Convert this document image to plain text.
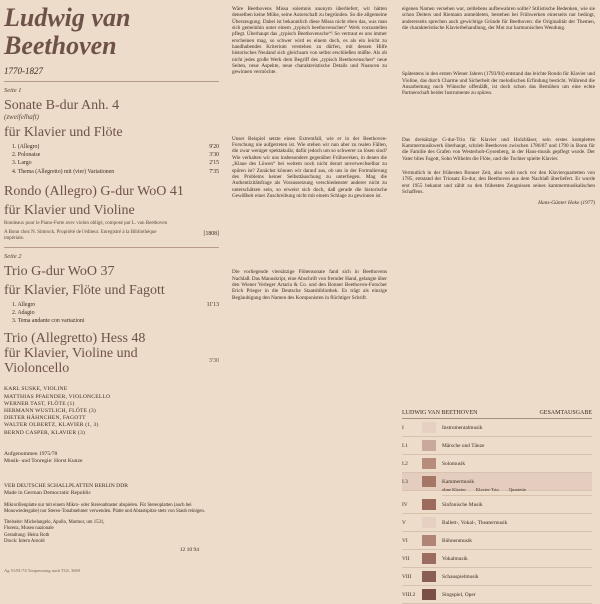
Ludwig van Beethoven
1770-1827
Seite 1
Sonate B-dur Anh. 4
(zweifelhaft)
für Klavier und Flöte
1. (Allegro)	9'20
2. Polonaise	3'30
3. Largo	2'15
4. Thema (Allegretto) mit (vier) Variationen	7'35
Rondo (Allegro) G-dur WoO 41
für Klavier und Violine
Rondeaux pour le Piano-Forte avec violon obligé, composé par L. van Beethoven
A Bonn chez N. Simrock. Propriété de l'éditeur. Enregistré à la Bibliothèque impériale.
[1808]
Seite 2
Trio G-dur WoO 37
für Klavier, Flöte und Fagott
1. Allegro	11'13
2. Adagio
3. Tema andante con variazioni
Trio (Allegretto) Hess 48
für Klavier, Violine und Violoncello
3'30
KARL SUSKE, VIOLINE
MATTHIAS PFAENDER, VIOLONCELLO
WERNER TAST, FLÖTE (1)
HERMANN WUSTLICH, FLÖTE (3)
DIETER HÄHNCHEN, FAGOTT
WALTER OLBERTZ, KLAVIER (1, 3)
BERND CASPER, KLAVIER (3)
Aufgenommen 1975/78
Musik- und Tonregie: Horst Kunze
VEB DEUTSCHE SCHALLPLATTEN BERLIN DDR
Made in German Democratic Republic
Mikrorillenplatte nur mit einem Mikro- oder Stereoabtaster abspielen. Für Stereoplatten (auch bei Monowiedergabe) nur Stereo-Tonabnehmer verwenden. Platte und Abtastspitze stets von Staub reinigen.
Titelseite: Michelangelo, Apollo, Marmor, um 1531,
Florenz, Museo nazionale
Gestaltung: Heinz Roth
Druck: Intern Arnold
12 10 94
Ag 51/81/74 Tonpressung nach TGL 3669

Wäre Beethovens Missa solemnis anonym überliefert, wir hätten denselben keine Mühe, seine Autorschaft zu begründen. So die allgemeine Überzeugung. Dabei ist bekanntlich diese Missa nicht eben das, was man sich gemeinhin unter einem „typisch beethovenschen“ Werk vorzustellen pflegt. Überhaupt das „typisch Beethovensche“! So vertraut es uns immer erscheinen mag, so schwer wird es einem doch, es als ein leicht zu handhabendes Kriterium verstehen zu dürfen, mit dessen Hilfe historisches Neuland sich gleichsam von selbst erschließen müßte. Als ob nicht jedes große Werk dem Begriff des „typisch Beethovenschen“ neue Seiten, neue Aspekte, neue charakteristische Details und Nuancen zu gewinnen vermöchte.

Unser Beispiel setzte einen Extremfall, wie er in der Beethoven-Forschung nie aufgetreten ist. Wie stehen wir nun aber zu realen Fällen, die zwar weniger spektakulär, dafür jedoch um so schwerer zu lösen sind? Wie verhalten wir uns insbesondere gegenüber Frühwerken, in denen die „Klaue des Löwen“ bei weitem noch nicht derart unverwechselbar zu spüren ist? Zunächst können wir darauf aus, ob uns in der Formulierung des Problems keiner Selbsttäuschung zu unterliegen. Mag die Authentizitätsfrage als Voraussetzung verschiedenster anderer nicht zu unterschätzen sein, so erweist sich doch, daß gerade die historische Gewißheit einer Zuschreibung nicht mit einem Schlage zu gewinnen ist.

Die vorliegende viersätzige Flötensonate fand sich in Beethovens Nachlaß. Das Manuskript, eine Abschrift von fremder Hand, gelangte über den Wiener Verleger Artaria & Co. und den Bonner Beethoven-Forscher Erich Prieger in die Deutsche Staatsbibliothek. Es trägt als einzige Beglaubigung den Namen des Komponisten in flüchtiger Schrift.

eigenen Namen versehen war, zeitlebens aufbewahren sollte? Stilistische Bedenken, wie sie schon Deiters und Riemann anmeldeten, bestehen bei Frühwerken einerseits nur bedingt, andererseits sprechen auch gewichtige Gründe für Beethoven: die Originalität der Themen, die charakteristische Klavierbehandlung, der Mut zur harmonischen Wendung.

Spätestens in den ersten Wiener Jahren (1793/94) entstand das leichte Rondo für Klavier und Violine, das durch Charme und Sicherheit der melodischen Erfindung besticht. Während die Ausarbeitung noch Wünsche offenläßt, ist doch schon das Bemühen um eine echte Partnerschaft beider Instrumente zu spüren.

Das dreisätzige G-dur-Trio für Klavier und Holzbläser, sein erstes komplettes Kammermusikwerk überhaupt, schrieb Beethoven zwischen 1786/87 und 1790 in Bonn für die Familie des Grafen von Westerholt-Gysenberg, in der Haus-musik gepflegt wurde. Der Vater blies Fagott, Sohn Wilhelm die Flöte, und die Tochter spielte Klavier.

Vermutlich in der frühesten Bonner Zeit, also wohl noch vor den Klavierquartetten von 1785, entstand der Triosatz Es-dur, den Beethoven aus dem Nachlaß überliefert. Er wurde erst 1955 bekannt und zählt zu den frühesten Zeugnissen seines kammermusikalischen Schaffens.

Hans-Günter Hoke (1977)
LUDWIG VAN BEETHOVEN	GESAMTAUSGABE
I	Instrumentalmusik
I.1	Märsche und Tänze
I.2	Solomusik
I.3	Kammermusik
ohne Klavier Klavier-Trio Quartette
IV	Sinfonische Musik
V	Ballett-, Vokal-, Theatermusik
VI	Bühnenmusik
VII	Vokalmusik
VIII	Schauspielmusik
VIII.2	Singspiel, Oper
